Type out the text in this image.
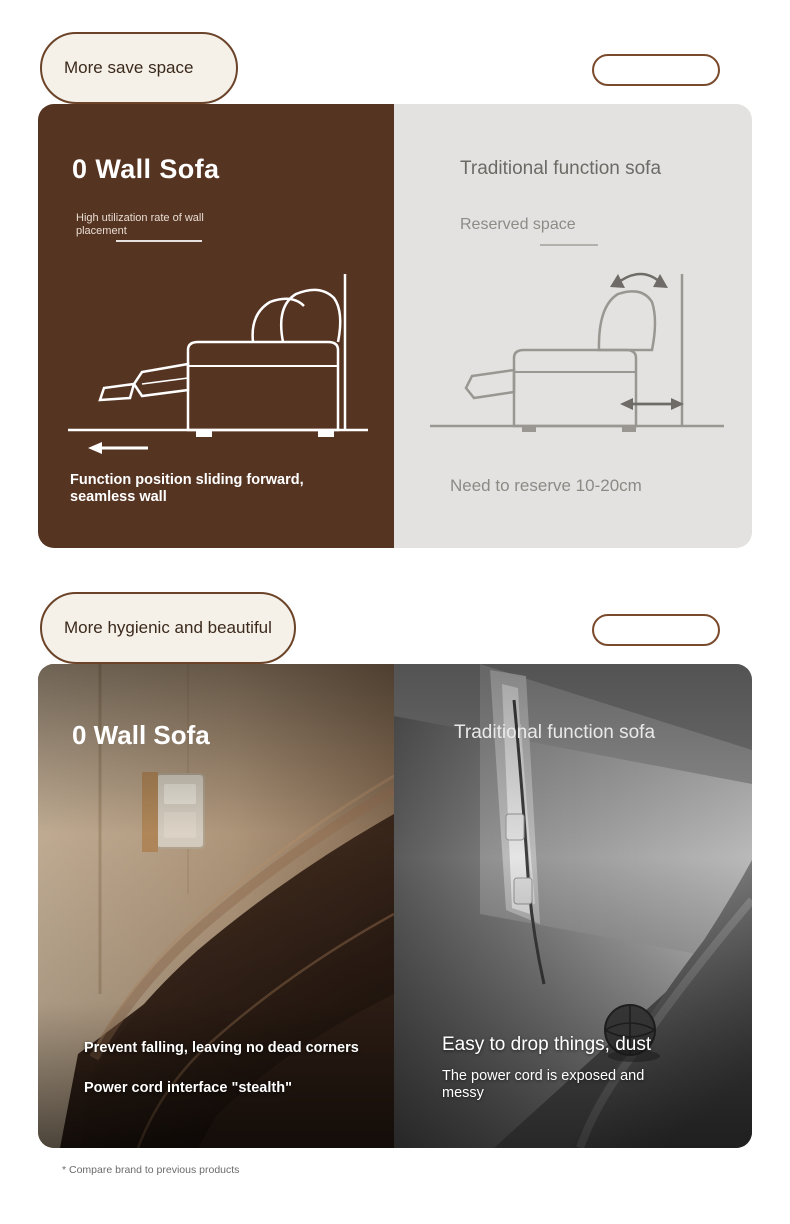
0 Wall Sofa
High utilization rate of wall placement
Function position sliding forward, seamless wall
Traditional function sofa
Reserved space
Need to reserve 10-20cm
More save space
0 Wall Sofa
Prevent falling, leaving no dead corners
Power cord interface "stealth"
Traditional function sofa
Easy to drop things, dust
The power cord is exposed and messy
More hygienic and beautiful
* Compare brand to previous products
